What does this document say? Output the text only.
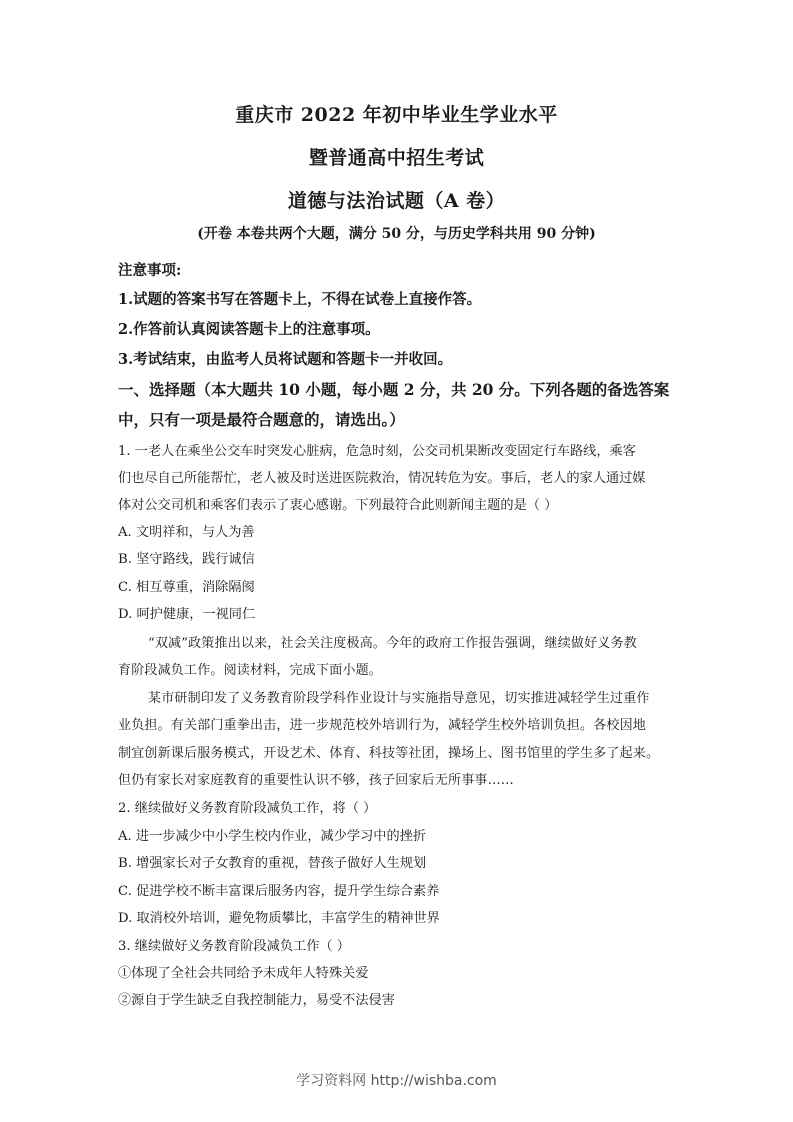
重庆市 2022 年初中毕业生学业水平
暨普通高中招生考试
道德与法治试题（A 卷）
(开卷 本卷共两个大题，满分 50 分，与历史学科共用 90 分钟)
注意事项:
1.试题的答案书写在答题卡上，不得在试卷上直接作答。
2.作答前认真阅读答题卡上的注意事项。
3.考试结束，由监考人员将试题和答题卡一并收回。
一、选择题（本大题共 10 小题，每小题 2 分，共 20 分。下列各题的备选答案
中，只有一项是最符合题意的，请选出。）
1. 一老人在乘坐公交车时突发心脏病，危急时刻，公交司机果断改变固定行车路线，乘客
们也尽自己所能帮忙，老人被及时送进医院救治，情况转危为安。事后，老人的家人通过媒
体对公交司机和乘客们表示了衷心感谢。下列最符合此则新闻主题的是（ ）
A. 文明祥和，与人为善
B. 坚守路线，践行诚信
C. 相互尊重，消除隔阂
D. 呵护健康，一视同仁
“双减”政策推出以来，社会关注度极高。今年的政府工作报告强调，继续做好义务教
育阶段减负工作。阅读材料，完成下面小题。
某市研制印发了义务教育阶段学科作业设计与实施指导意见，切实推进减轻学生过重作
业负担。有关部门重拳出击，进一步规范校外培训行为，减轻学生校外培训负担。各校因地
制宜创新课后服务模式，开设艺术、体育、科技等社团，操场上、图书馆里的学生多了起来。
但仍有家长对家庭教育的重要性认识不够，孩子回家后无所事事……
2. 继续做好义务教育阶段减负工作，将（ ）
A. 进一步减少中小学生校内作业，减少学习中的挫折
B. 增强家长对子女教育的重视，替孩子做好人生规划
C. 促进学校不断丰富课后服务内容，提升学生综合素养
D. 取消校外培训，避免物质攀比，丰富学生的精神世界
3. 继续做好义务教育阶段减负工作（ ）
①体现了全社会共同给予未成年人特殊关爱
②源自于学生缺乏自我控制能力，易受不法侵害
学习资料网 http://wishba.com
